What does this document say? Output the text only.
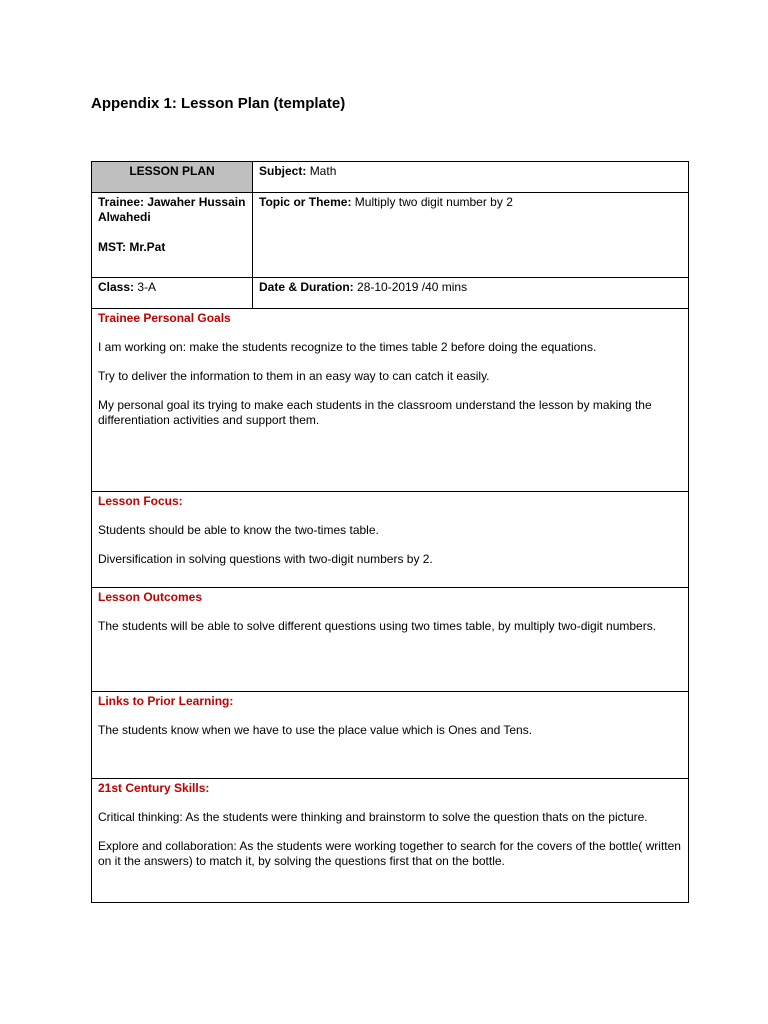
Appendix 1: Lesson Plan (template)
LESSON PLAN	Subject: Math

Trainee: Jawaher Hussain Alwahedi
MST: Mr.Pat	Topic or Theme: Multiply two digit number by 2

Class: 3-A	Date & Duration: 28-10-2019 /40 mins

Trainee Personal Goals
I am working on: make the students recognize to the times table 2 before doing the equations.
Try to deliver the information to them in an easy way to can catch it easily.
My personal goal its trying to make each students in the classroom understand the lesson by making the differentiation activities and support them.	

Lesson Focus:
Students should be able to know the two-times table.
Diversification in solving questions with two-digit numbers by 2.	

Lesson Outcomes
The students will be able to solve different questions using two times table, by multiply two-digit numbers.	

Links to Prior Learning:
The students know when we have to use the place value which is Ones and Tens.	

21st Century Skills:
Critical thinking: As the students were thinking and brainstorm to solve the question thats on the picture.
Explore and collaboration: As the students were working together to search for the covers of the bottle( written on it the answers) to match it, by solving the questions first that on the bottle.	
